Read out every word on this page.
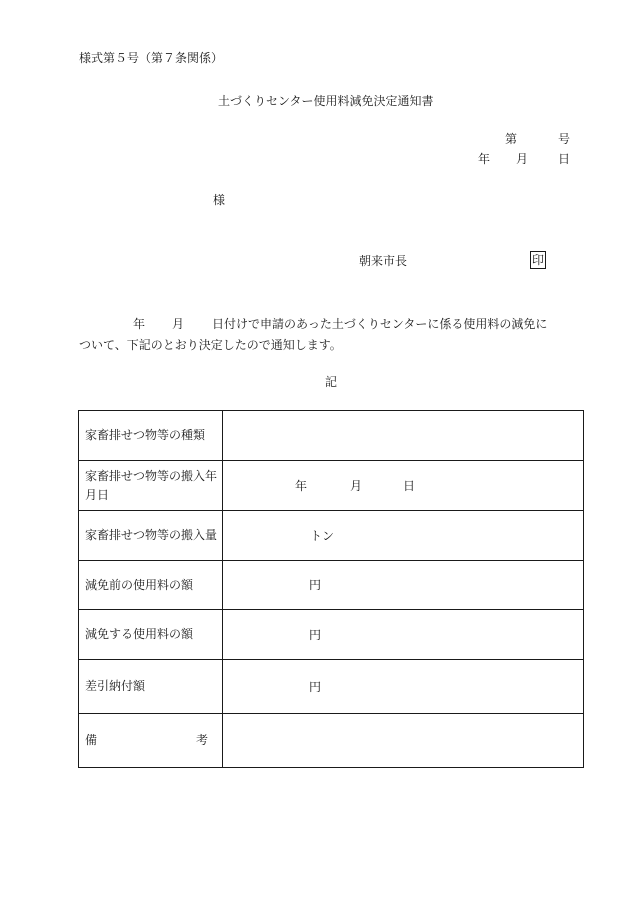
様式第５号（第７条関係）
土づくりセンター使用料減免決定通知書
第	号
年 月 日
様
朝来市長	印
年 月 日付けで申請のあった土づくりセンターに係る使用料の減免に
ついて、下記のとおり決定したので通知します。
記
家畜排せつ物等の種類	
家畜排せつ物等の搬入年月日	年 月 日

家畜排せつ物等の搬入量	トン

減免前の使用料の額	円

減免する使用料の額	円

差引納付額	円

備 考	
